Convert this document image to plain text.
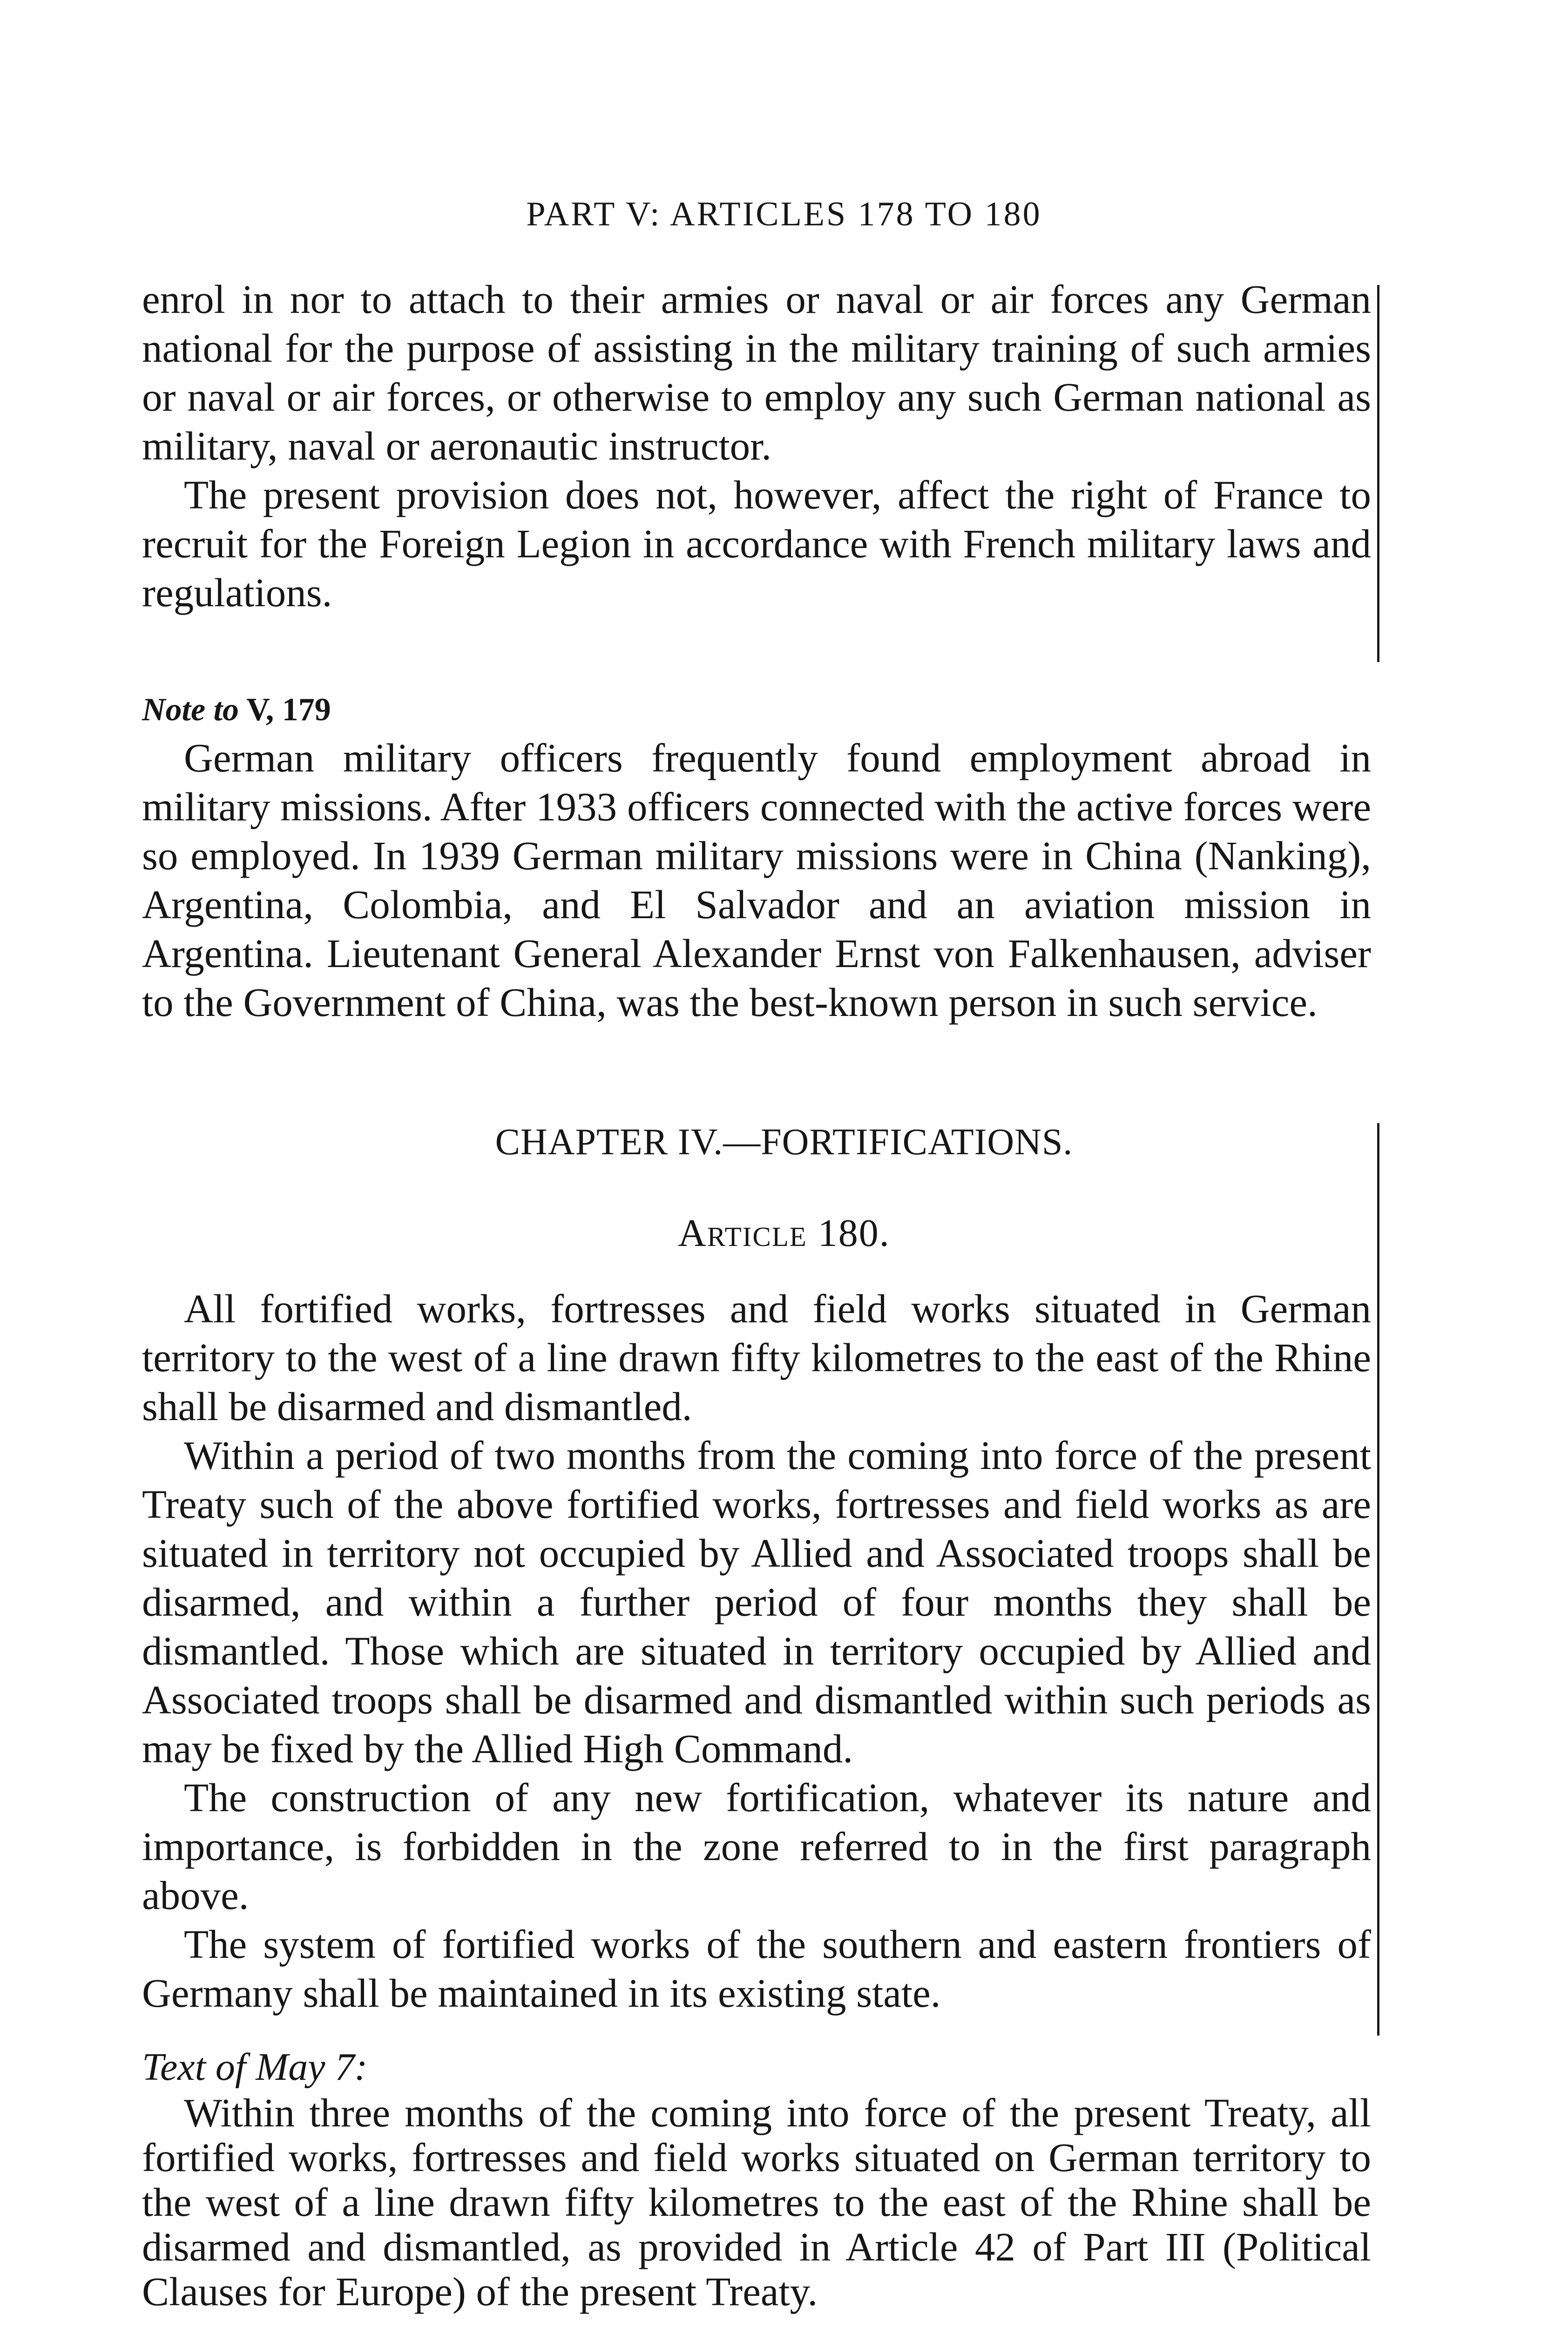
PART V: ARTICLES 178 TO 180

enrol in nor to attach to their armies or naval or air forces any German national for the purpose of assisting in the military training of such armies or naval or air forces, or otherwise to employ any such German national as military, naval or aeronautic instructor.

The present provision does not, however, affect the right of France to recruit for the Foreign Legion in accordance with French military laws and regulations.

Note to V, 179

German military officers frequently found employment abroad in military missions. After 1933 officers connected with the active forces were so employed. In 1939 German military missions were in China (Nanking), Argentina, Colombia, and El Salvador and an aviation mission in Argentina. Lieutenant General Alexander Ernst von Falkenhausen, adviser to the Government of China, was the best-known person in such service.

CHAPTER IV.—FORTIFICATIONS.
Article 180.

All fortified works, fortresses and field works situated in German territory to the west of a line drawn fifty kilometres to the east of the Rhine shall be disarmed and dismantled.

Within a period of two months from the coming into force of the present Treaty such of the above fortified works, fortresses and field works as are situated in territory not occupied by Allied and Associated troops shall be disarmed, and within a further period of four months they shall be dismantled. Those which are situated in territory occupied by Allied and Associated troops shall be disarmed and dismantled within such periods as may be fixed by the Allied High Command.

The construction of any new fortification, whatever its nature and importance, is forbidden in the zone referred to in the first paragraph above.

The system of fortified works of the southern and eastern frontiers of Germany shall be maintained in its existing state.

Text of May 7:

Within three months of the coming into force of the present Treaty, all fortified works, fortresses and field works situated on German territory to the west of a line drawn fifty kilometres to the east of the Rhine shall be disarmed and dismantled, as provided in Article 42 of Part III (Political Clauses for Europe) of the present Treaty.
